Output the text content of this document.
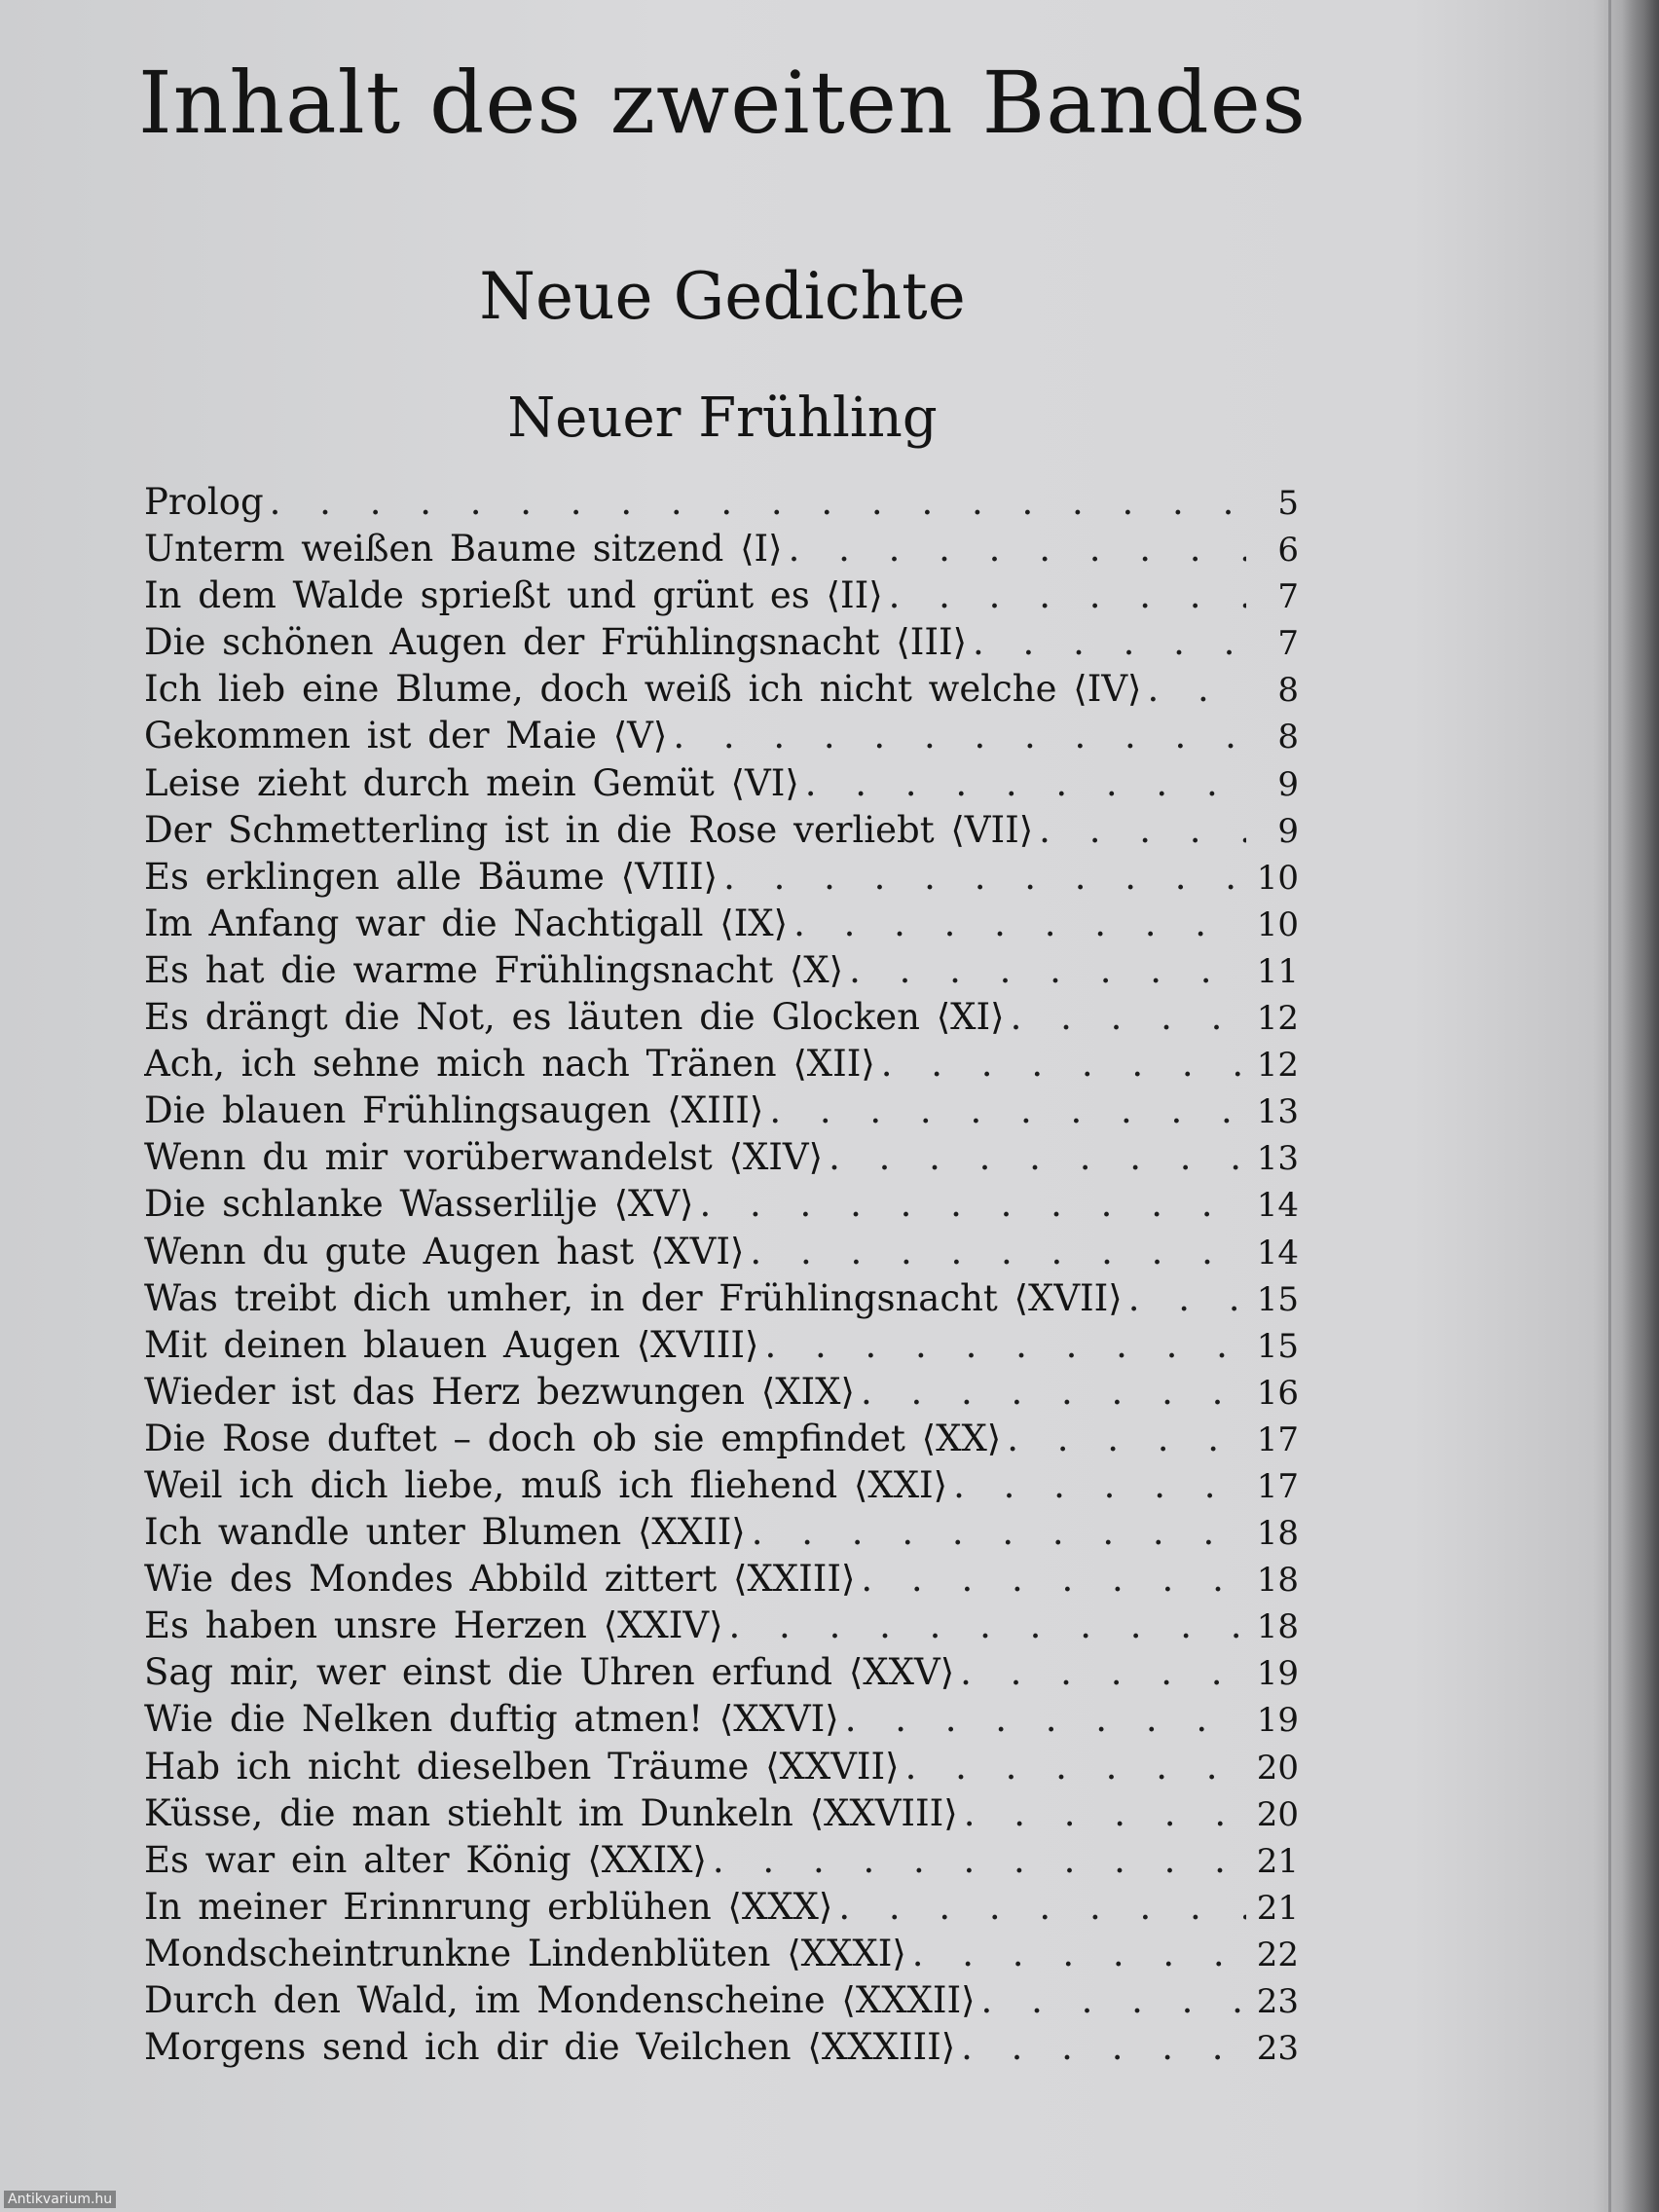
Inhalt des zweiten Bandes
Neue Gedichte
Neuer Frühling
Prolog . . .	5
Unterm weißen Baume sitzend ⟨I⟩ . . .	6
In dem Walde sprießt und grünt es ⟨II⟩ . . .	7
Die schönen Augen der Frühlingsnacht ⟨III⟩ . . .	7
Ich lieb eine Blume, doch weiß ich nicht welche ⟨IV⟩ . . .	8
Gekommen ist der Maie ⟨V⟩ . . .	8
Leise zieht durch mein Gemüt ⟨VI⟩ . . .	9
Der Schmetterling ist in die Rose verliebt ⟨VII⟩ . . .	9
Es erklingen alle Bäume ⟨VIII⟩ . . .	10
Im Anfang war die Nachtigall ⟨IX⟩ . . .	10
Es hat die warme Frühlingsnacht ⟨X⟩ . . .	11
Es drängt die Not, es läuten die Glocken ⟨XI⟩ . . .	12
Ach, ich sehne mich nach Tränen ⟨XII⟩ . . .	12
Die blauen Frühlingsaugen ⟨XIII⟩ . . .	13
Wenn du mir vorüberwandelst ⟨XIV⟩ . . .	13
Die schlanke Wasserlilje ⟨XV⟩ . . .	14
Wenn du gute Augen hast ⟨XVI⟩ . . .	14
Was treibt dich umher, in der Frühlingsnacht ⟨XVII⟩ . . .	15
Mit deinen blauen Augen ⟨XVIII⟩ . . .	15
Wieder ist das Herz bezwungen ⟨XIX⟩ . . .	16
Die Rose duftet – doch ob sie empfindet ⟨XX⟩ . . .	17
Weil ich dich liebe, muß ich fliehend ⟨XXI⟩ . . .	17
Ich wandle unter Blumen ⟨XXII⟩ . . .	18
Wie des Mondes Abbild zittert ⟨XXIII⟩ . . .	18
Es haben unsre Herzen ⟨XXIV⟩ . . .	18
Sag mir, wer einst die Uhren erfund ⟨XXV⟩ . . .	19
Wie die Nelken duftig atmen! ⟨XXVI⟩ . . .	19
Hab ich nicht dieselben Träume ⟨XXVII⟩ . . .	20
Küsse, die man stiehlt im Dunkeln ⟨XXVIII⟩ . . .	20
Es war ein alter König ⟨XXIX⟩ . . .	21
In meiner Erinnrung erblühen ⟨XXX⟩ . . .	21
Mondscheintrunkne Lindenblüten ⟨XXXI⟩ . . .	22
Durch den Wald, im Mondenscheine ⟨XXXII⟩ . . .	23
Morgens send ich dir die Veilchen ⟨XXXIII⟩ . . .	23
Antikvarium.hu
